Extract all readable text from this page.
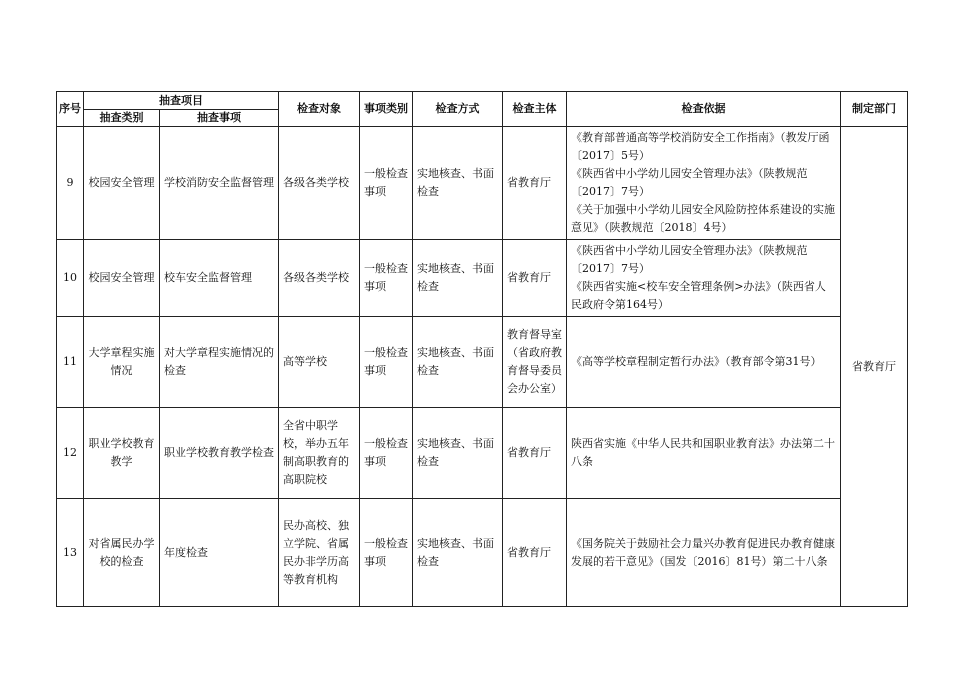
序号	抽查项目		检查对象	事项类别	检查方式	检查主体	检查依据	制定部门
	抽查类别	抽查事项						
9	校园安全管理	学校消防安全监督管理	各级各类学校	一般检查事项	实地核查、书面检查	省教育厅	《教育部普通高等学校消防安全工作指南》（教发厅函〔2017〕5号）
《陕西省中小学幼儿园安全管理办法》（陕教规范〔2017〕7号）
《关于加强中小学幼儿园安全风险防控体系建设的实施意见》（陕教规范〔2018〕4号）	省教育厅
10	校园安全管理	校车安全监督管理	各级各类学校	一般检查事项	实地核查、书面检查	省教育厅	《陕西省中小学幼儿园安全管理办法》（陕教规范〔2017〕7号）
《陕西省实施<校车安全管理条例>办法》（陕西省人民政府令第164号）	

11	大学章程实施情况	对大学章程实施情况的检查	高等学校	一般检查事项	实地核查、书面检查	教育督导室（省政府教育督导委员会办公室）	《高等学校章程制定暂行办法》（教育部令第31号）	

12	职业学校教育教学	职业学校教育教学检查	全省中职学校，举办五年制高职教育的高职院校	一般检查事项	实地核查、书面检查	省教育厅	陕西省实施《中华人民共和国职业教育法》办法第二十八条	

13	对省属民办学校的检查	年度检查	民办高校、独立学院、省属民办非学历高等教育机构	一般检查事项	实地核查、书面检查	省教育厅	《国务院关于鼓励社会力量兴办教育促进民办教育健康发展的若干意见》（国发〔2016〕81号）第二十八条	
